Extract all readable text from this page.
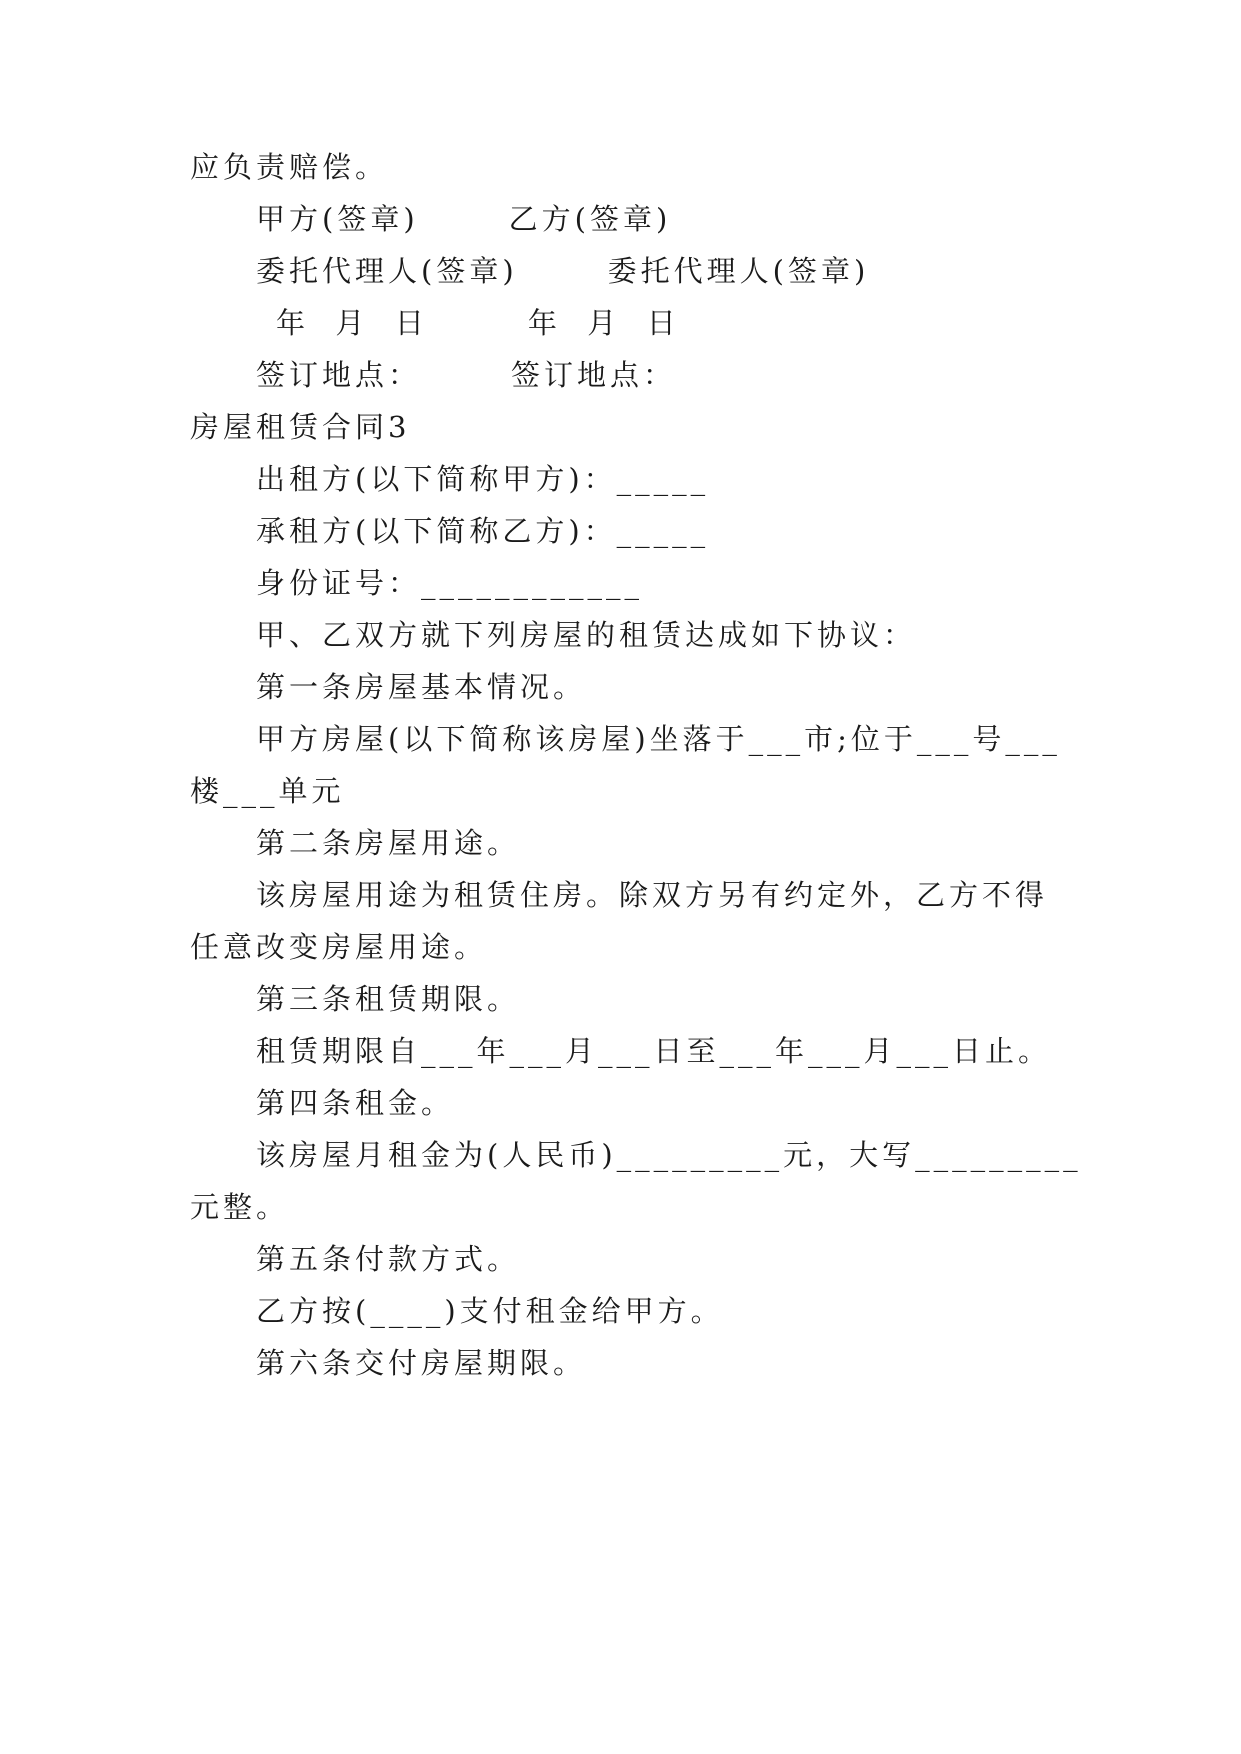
应负责赔偿。
甲方(签章)	乙方(签章)
委托代理人(签章)	委托代理人(签章)
年  月  日	年  月  日
签订地点：	签订地点：
房屋租赁合同3
出租方(以下简称甲方)：_____
承租方(以下简称乙方)：_____
身份证号：____________
甲、乙双方就下列房屋的租赁达成如下协议：
第一条房屋基本情况。
甲方房屋(以下简称该房屋)坐落于___市;位于___号___
楼___单元
第二条房屋用途。
该房屋用途为租赁住房。除双方另有约定外，乙方不得
任意改变房屋用途。
第三条租赁期限。
租赁期限自___年___月___日至___年___月___日止。
第四条租金。
该房屋月租金为(人民币)_________元，大写_________
元整。
第五条付款方式。
乙方按(____)支付租金给甲方。
第六条交付房屋期限。
